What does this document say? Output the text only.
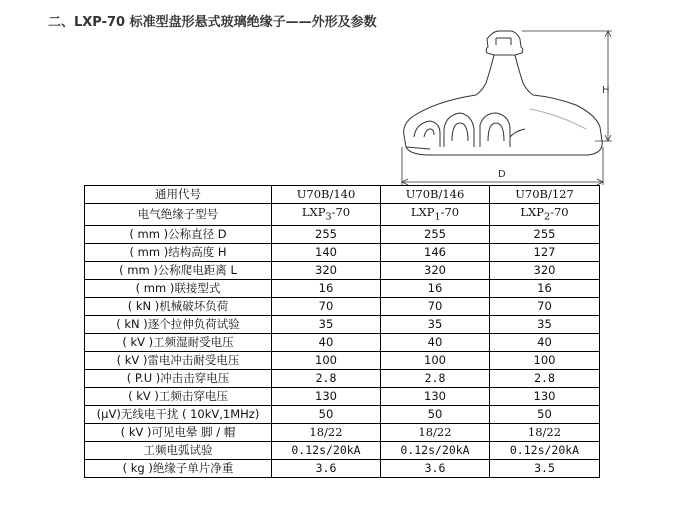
二、LXP-70 标准型盘形悬式玻璃绝缘子——外形及参数
H
D
通用代号	U70B/140	U70B/146	U70B/127
电气绝缘子型号	$LXP_3-70$	$LXP_1-70$	$LXP_2-70$
( mm )公称直径 D	255	255	255
( mm )结构高度 H	140	146	127
( mm )公称爬电距离 L	320	320	320
( mm )联接型式	16	16	16
( kN )机械破坏负荷	70	70	70
( kN )逐个拉伸负荷试验	35	35	35
( kV )工频湿耐受电压	40	40	40
( kV )雷电冲击耐受电压	100	100	100
( P.U )冲击击穿电压	2.8	2.8	2.8
( kV )工频击穿电压	130	130	130
(μV)无线电干扰 ( 10kV,1MHz)	50	50	50
( kV )可见电晕 脚 / 帽	18/22	18/22	18/22
工频电弧试验	0.12s/20kA	0.12s/20kA	0.12s/20kA
( kg )绝缘子单片净重	3.6	3.6	3.5
